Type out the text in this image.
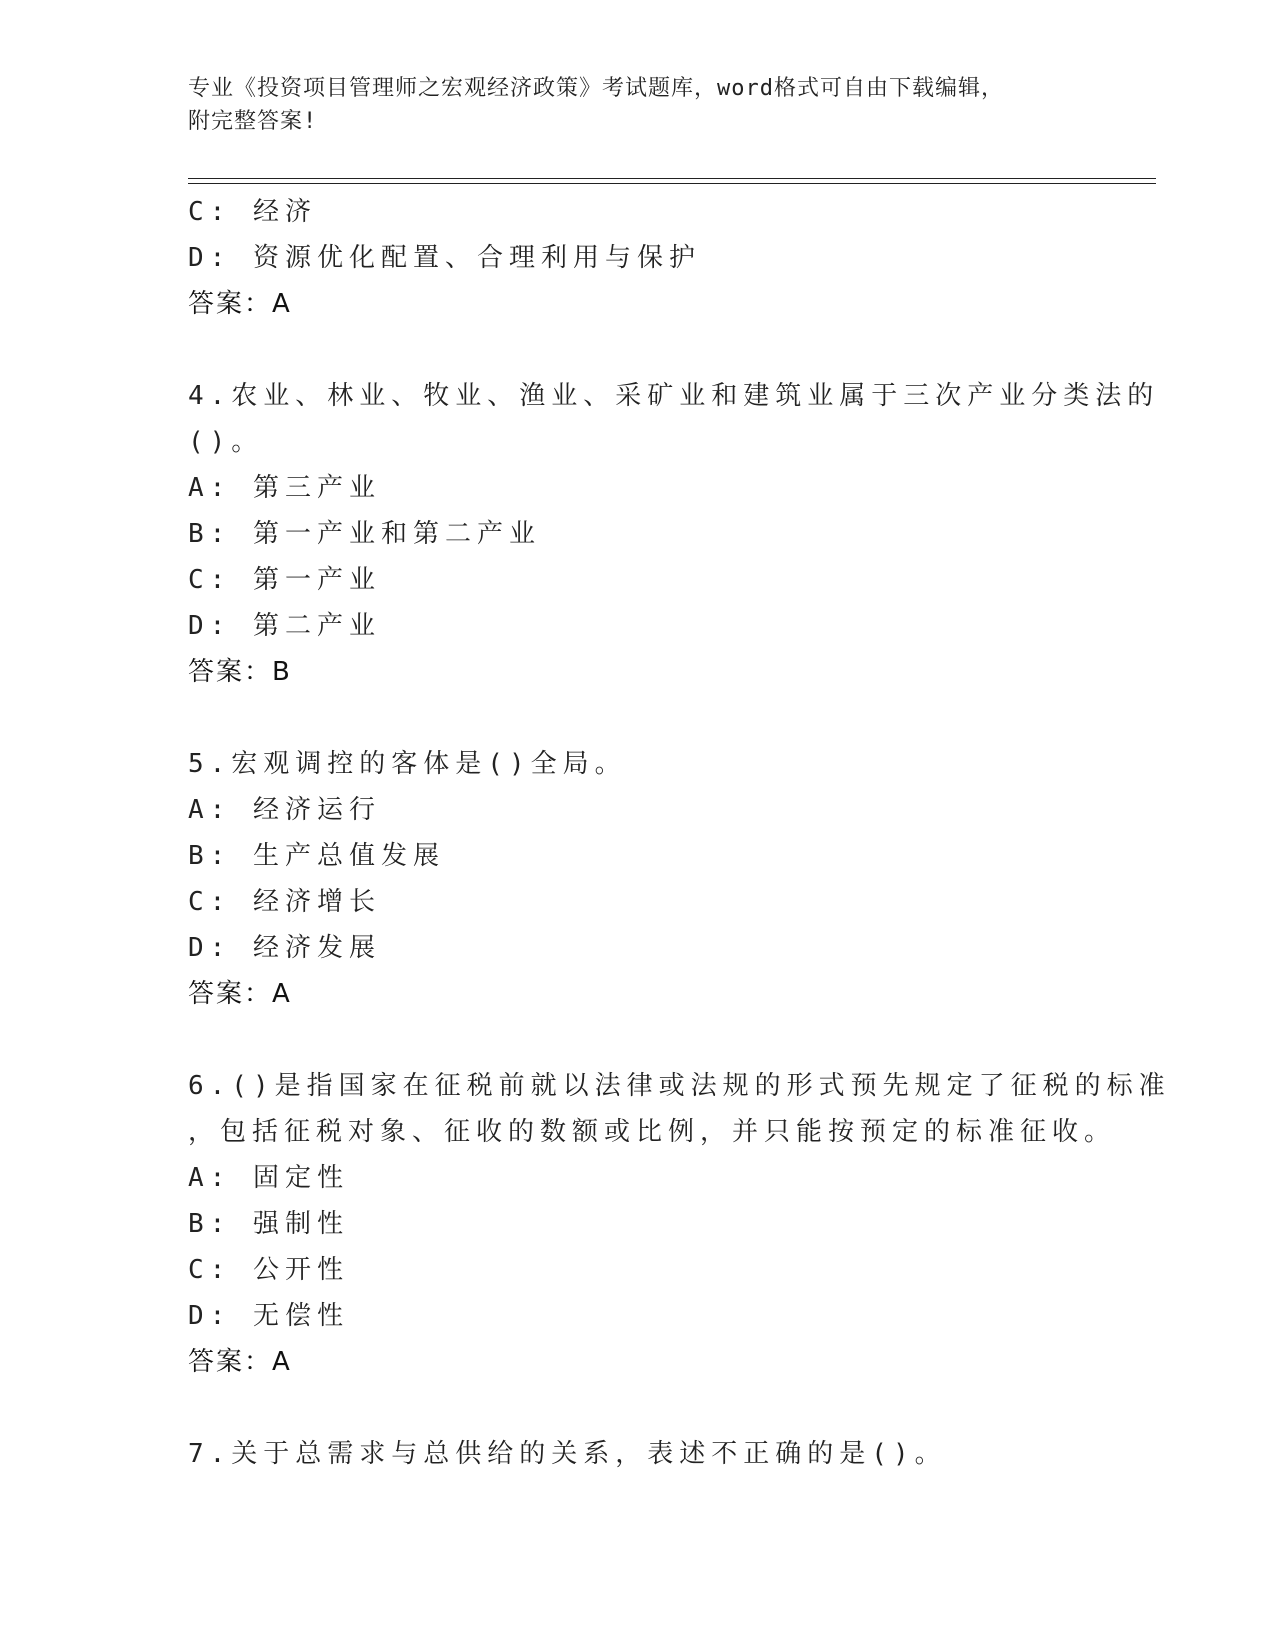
专业《投资项目管理师之宏观经济政策》考试题库，word格式可自由下载编辑，
附完整答案!
C: 经济
D: 资源优化配置、合理利用与保护
答案：A
4.农业、林业、牧业、渔业、采矿业和建筑业属于三次产业分类法的
()。
A: 第三产业
B: 第一产业和第二产业
C: 第一产业
D: 第二产业
答案：B
5.宏观调控的客体是()全局。
A: 经济运行
B: 生产总值发展
C: 经济增长
D: 经济发展
答案：A
6.()是指国家在征税前就以法律或法规的形式预先规定了征税的标准
，包括征税对象、征收的数额或比例，并只能按预定的标准征收。
A: 固定性
B: 强制性
C: 公开性
D: 无偿性
答案：A
7.关于总需求与总供给的关系，表述不正确的是()。
